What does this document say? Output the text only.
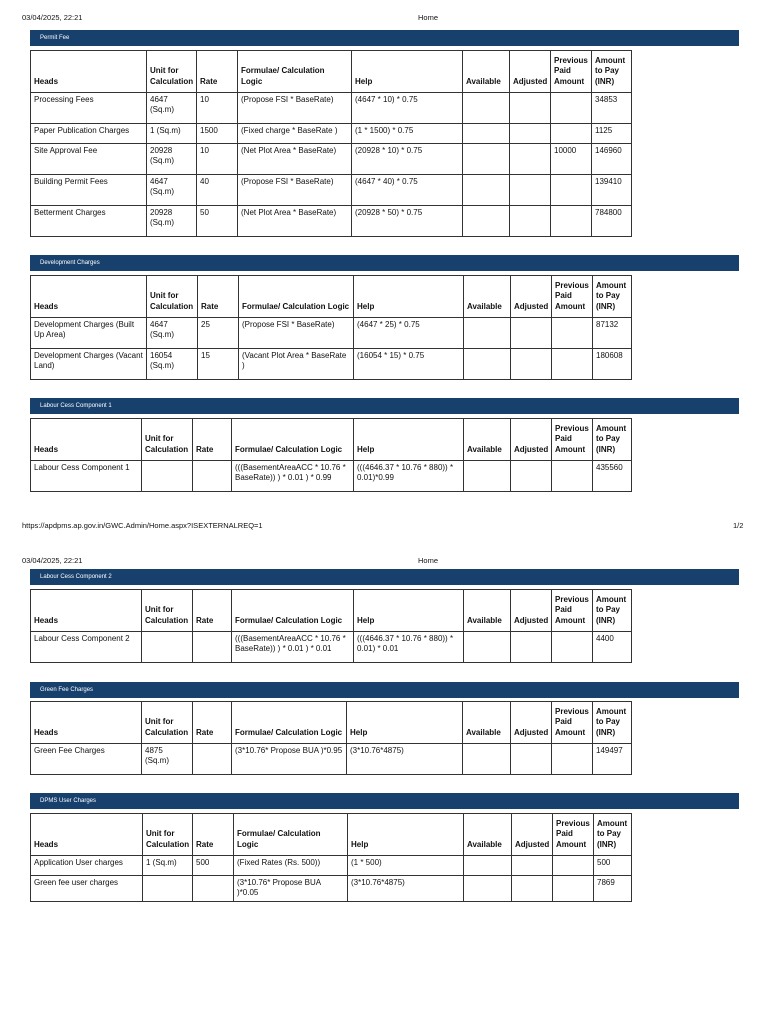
03/04/2025, 22:21	Home
Permit Fee
Heads	Unit for Calculation	Rate	Formulae/ Calculation Logic	Help	Available	Adjusted	Previous Paid Amount	Amount to Pay (INR)
Processing Fees	4647 (Sq.m)	10	(Propose FSI * BaseRate)	(4647 * 10) * 0.75				34853
Paper Publication Charges	1 (Sq.m)	1500	(Fixed charge * BaseRate )	(1 * 1500) * 0.75				1125
Site Approval Fee	20928 (Sq.m)	10	(Net Plot Area * BaseRate)	(20928 * 10) * 0.75			10000	146960
Building Permit Fees	4647 (Sq.m)	40	(Propose FSI * BaseRate)	(4647 * 40) * 0.75				139410
Betterment Charges	20928 (Sq.m)	50	(Net Plot Area * BaseRate)	(20928 * 50) * 0.75				784800
Development Charges
Heads	Unit for Calculation	Rate	Formulae/ Calculation Logic	Help	Available	Adjusted	Previous Paid Amount	Amount to Pay (INR)
Development Charges (Built Up Area)	4647 (Sq.m)	25	(Propose FSI * BaseRate)	(4647 * 25) * 0.75				87132
Development Charges (Vacant Land)	16054 (Sq.m)	15	(Vacant Plot Area * BaseRate )	(16054 * 15) * 0.75				180608
Labour Cess Component 1
Heads	Unit for Calculation	Rate	Formulae/ Calculation Logic	Help	Available	Adjusted	Previous Paid Amount	Amount to Pay (INR)
Labour Cess Component 1			(((BasementAreaACC * 10.76 * BaseRate)) ) * 0.01 ) * 0.99	(((4646.37 * 10.76 * 880)) * 0.01)*0.99				435560
https://apdpms.ap.gov.in/GWC.Admin/Home.aspx?ISEXTERNALREQ=1	1/2
03/04/2025, 22:21	Home
Labour Cess Component 2
Heads	Unit for Calculation	Rate	Formulae/ Calculation Logic	Help	Available	Adjusted	Previous Paid Amount	Amount to Pay (INR)
Labour Cess Component 2			(((BasementAreaACC * 10.76 * BaseRate)) ) * 0.01 ) * 0.01	(((4646.37 * 10.76 * 880)) * 0.01) * 0.01				4400
Green Fee Charges
Heads	Unit for Calculation	Rate	Formulae/ Calculation Logic	Help	Available	Adjusted	Previous Paid Amount	Amount to Pay (INR)
Green Fee Charges	4875 (Sq.m)		(3*10.76* Propose BUA )*0.95	(3*10.76*4875)				149497
DPMS User Charges
Heads	Unit for Calculation	Rate	Formulae/ Calculation Logic	Help	Available	Adjusted	Previous Paid Amount	Amount to Pay (INR)
Application User charges	1 (Sq.m)	500	(Fixed Rates (Rs. 500))	(1 * 500)				500
Green fee user charges			(3*10.76* Propose BUA )*0.05	(3*10.76*4875)				7869
